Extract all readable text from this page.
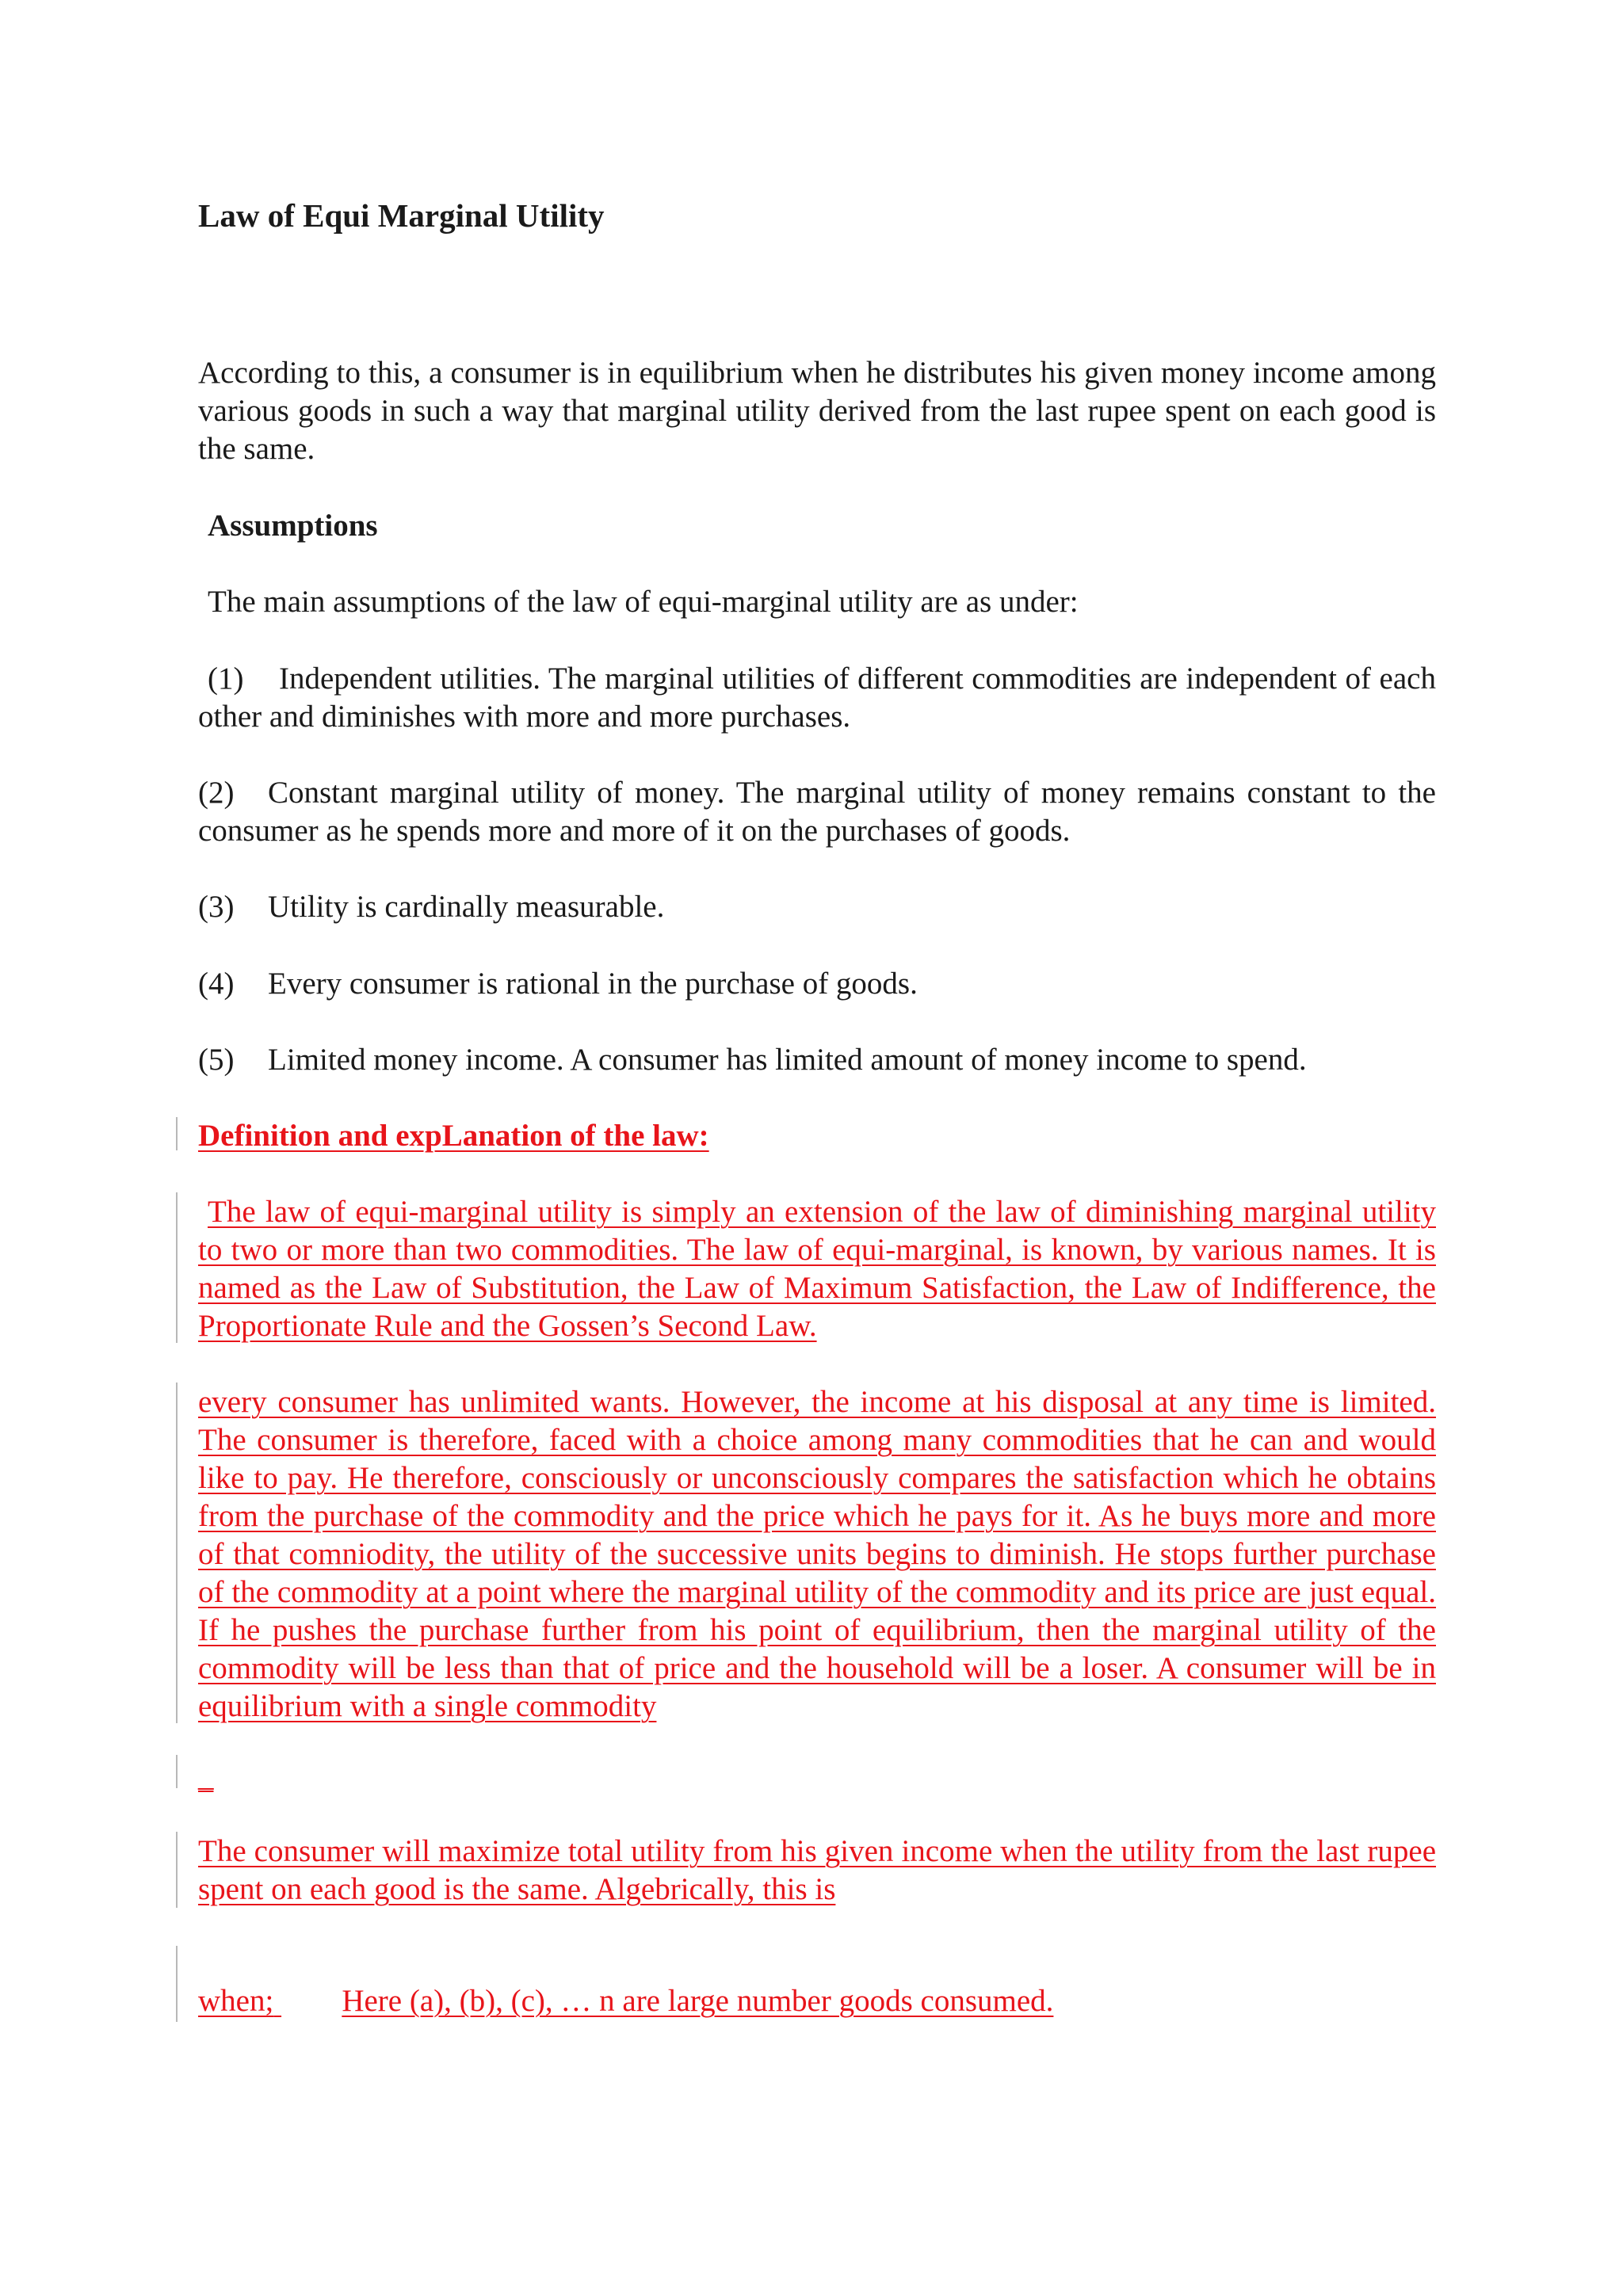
Law of Equi Marginal Utility

According to this, a consumer is in equilibrium when he distributes his given money income among various goods in such a way that marginal utility derived from the last rupee spent on each good is the same.

Assumptions

The main assumptions of the law of equi-marginal utility are as under:

(1) Independent utilities. The marginal utilities of different commodities are independent of each other and diminishes with more and more purchases.

(2) Constant marginal utility of money. The marginal utility of money remains constant to the consumer as he spends more and more of it on the purchases of goods.

(3) Utility is cardinally measurable.

(4) Every consumer is rational in the purchase of goods.

(5) Limited money income. A consumer has limited amount of money income to spend.

Definition and expLanation of the law:

The law of equi-marginal utility is simply an extension of the law of diminishing marginal utility to two or more than two commodities. The law of equi-marginal, is known, by various names. It is named as the Law of Substitution, the Law of Maximum Satisfaction, the Law of Indifference, the Proportionate Rule and the Gossen’s Second Law.

every consumer has unlimited wants. However, the income at his disposal at any time is limited. The consumer is therefore, faced with a choice among many commodities that he can and would like to pay. He therefore, consciously or unconsciously compares the satisfaction which he obtains from the purchase of the commodity and the price which he pays for it. As he buys more and more of that comniodity, the utility of the successive units begins to diminish. He stops further purchase of the commodity at a point where the marginal utility of the commodity and its price are just equal. If he pushes the purchase further from his point of equilibrium, then the marginal utility of the commodity will be less than that of price and the household will be a loser. A consumer will be in equilibrium with a single commodity

_

The consumer will maximize total utility from his given income when the utility from the last rupee spent on each good is the same. Algebrically, this is

when; Here (a), (b), (c), … n are large number goods consumed.
